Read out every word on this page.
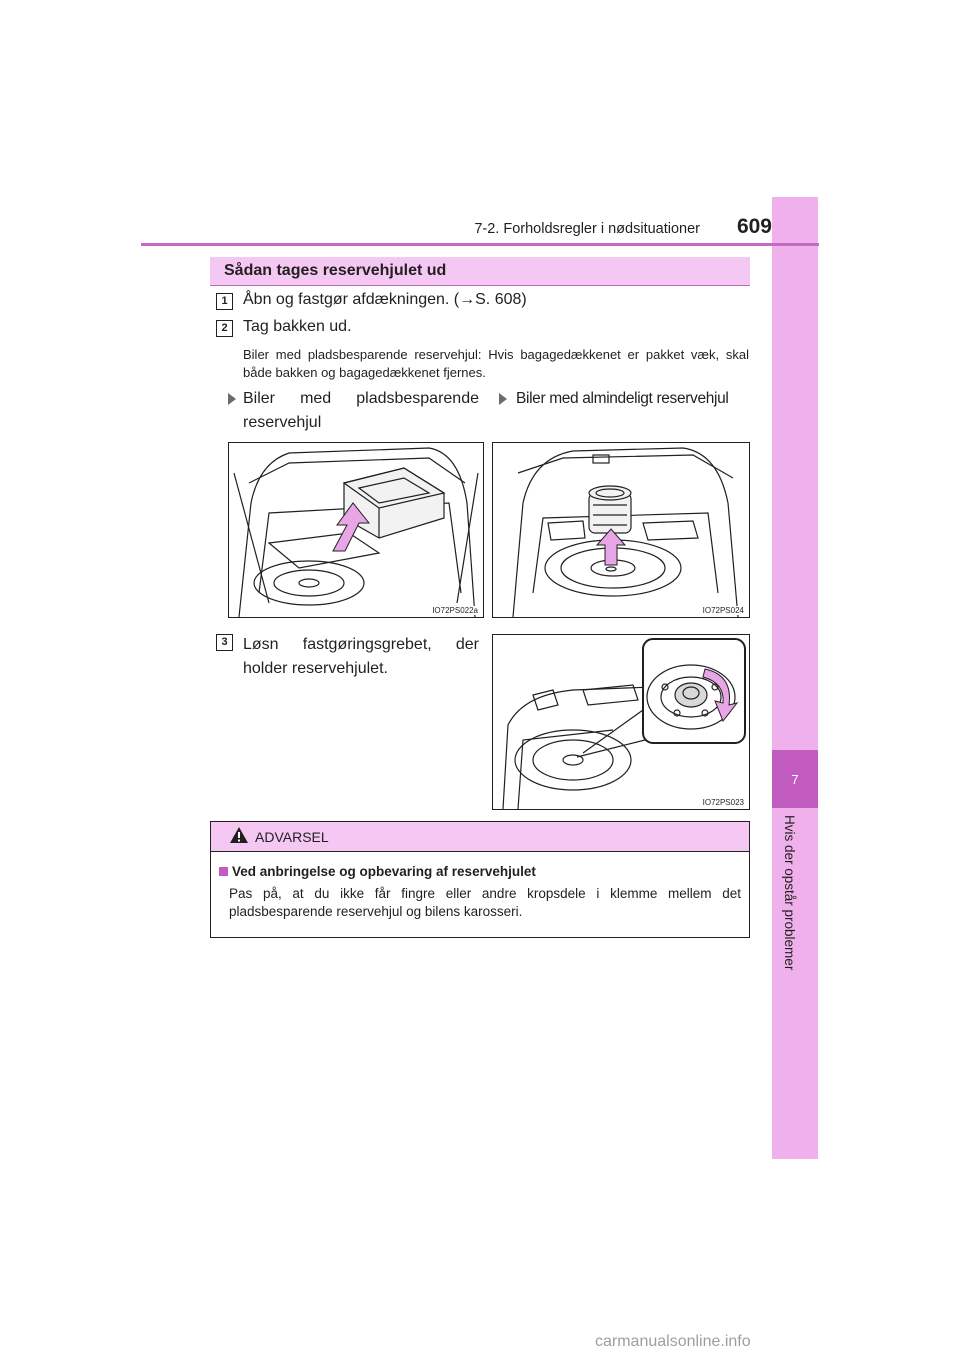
7
Hvis der opstår problemer
7-2. Forholdsregler i nødsituationer	609
Sådan tages reservehjulet ud
1 Åbn og fastgør afdækningen. (→S. 608)
2 Tag bakken ud.
Biler med pladsbesparende reservehjul: Hvis bagagedækkenet er pakket væk, skal både bakken og bagagedækkenet fjernes.
Biler med pladsbesparende
reservehjul
Biler med almindeligt reservehjul
IO72PS022a	IO72PS024
3 Løsn fastgøringsgrebet, der
holder reservehjulet.
IO72PS023
ADVARSEL
Ved anbringelse og opbevaring af reservehjulet
Pas på, at du ikke får fingre eller andre kropsdele i klemme mellem det pladsbesparende reservehjul og bilens karosseri.
carmanualsonline.info
